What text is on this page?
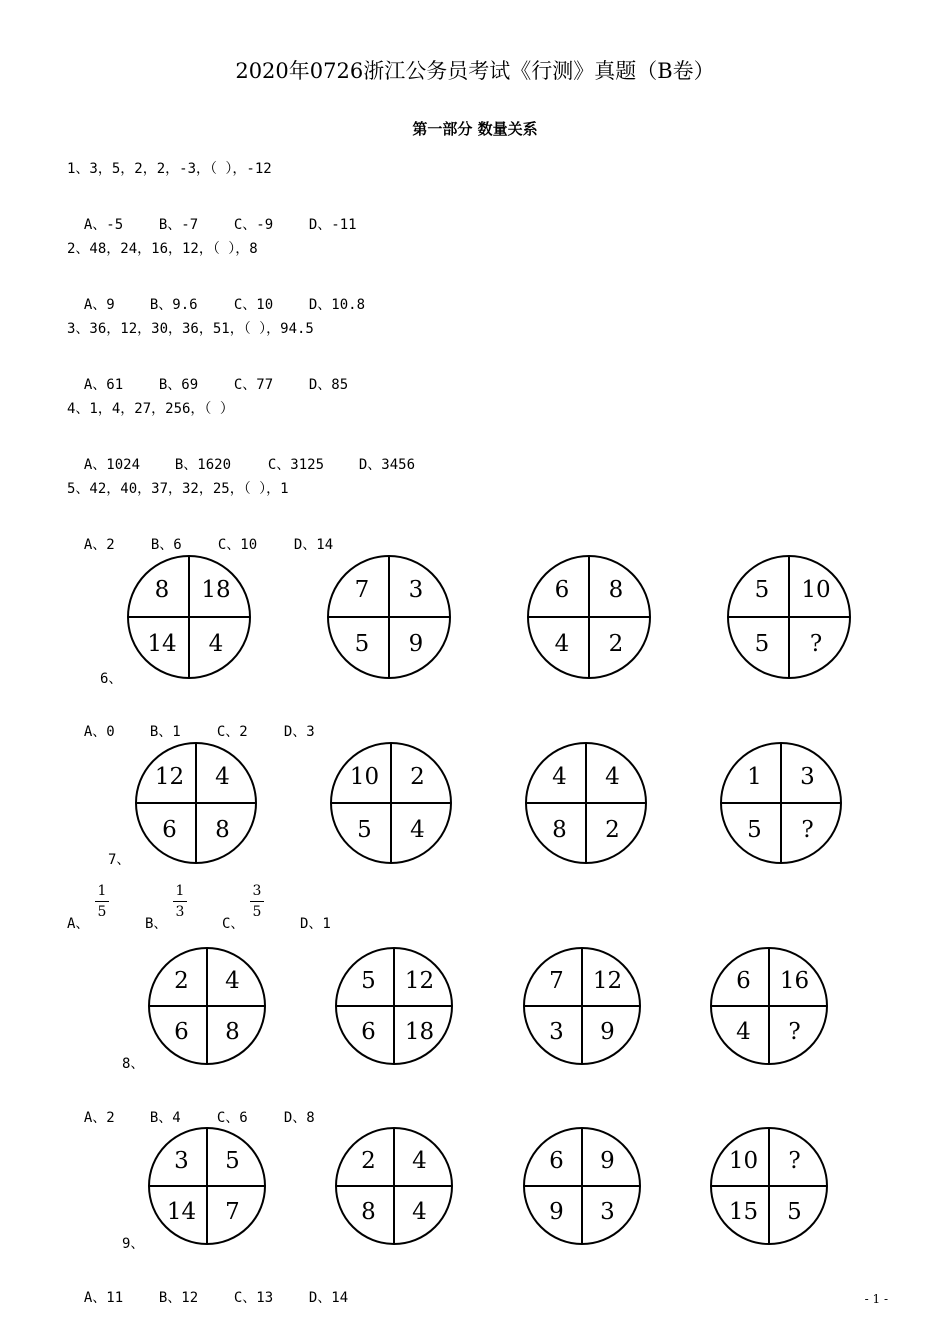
2020年0726浙江公务员考试《行测》真题（B卷）
第一部分 数量关系
1、3，5，2，2，-3，（ ），-12

A、-5	B、-7	C、-9	D、-11

2、48，24，16，12，（ ），8

A、9	B、9.6	C、10	D、10.8

3、36，12，30，36，51，（ ），94.5

A、61	B、69	C、77	D、85

4、1，4，27，256，（ ）

A、1024 B、1620	C、3125 D、3456

5、42，40，37，32，25，（ ），1

A、2	B、6	C、10	D、14

8	18
14	4
7	3
5	9
6	8
4	2
5	10
5	?
6、

A、0	B、1	C、2	D、3

12	4
6	8
10	2
5	4
4	4
8	2
1	3
5	?
7、
A、
1
5
B、
1
3
C、
3
5
D、1
2	4
6	8
5	12
6	18
7	12
3	9
6	16
4	?
8、

A、2	B、4	C、6	D、8

3	5
14	7
2	4
8	4
6	9
9	3
10	?
15	5
9、

A、11	B、12	C、13	D、14	- 1 -
